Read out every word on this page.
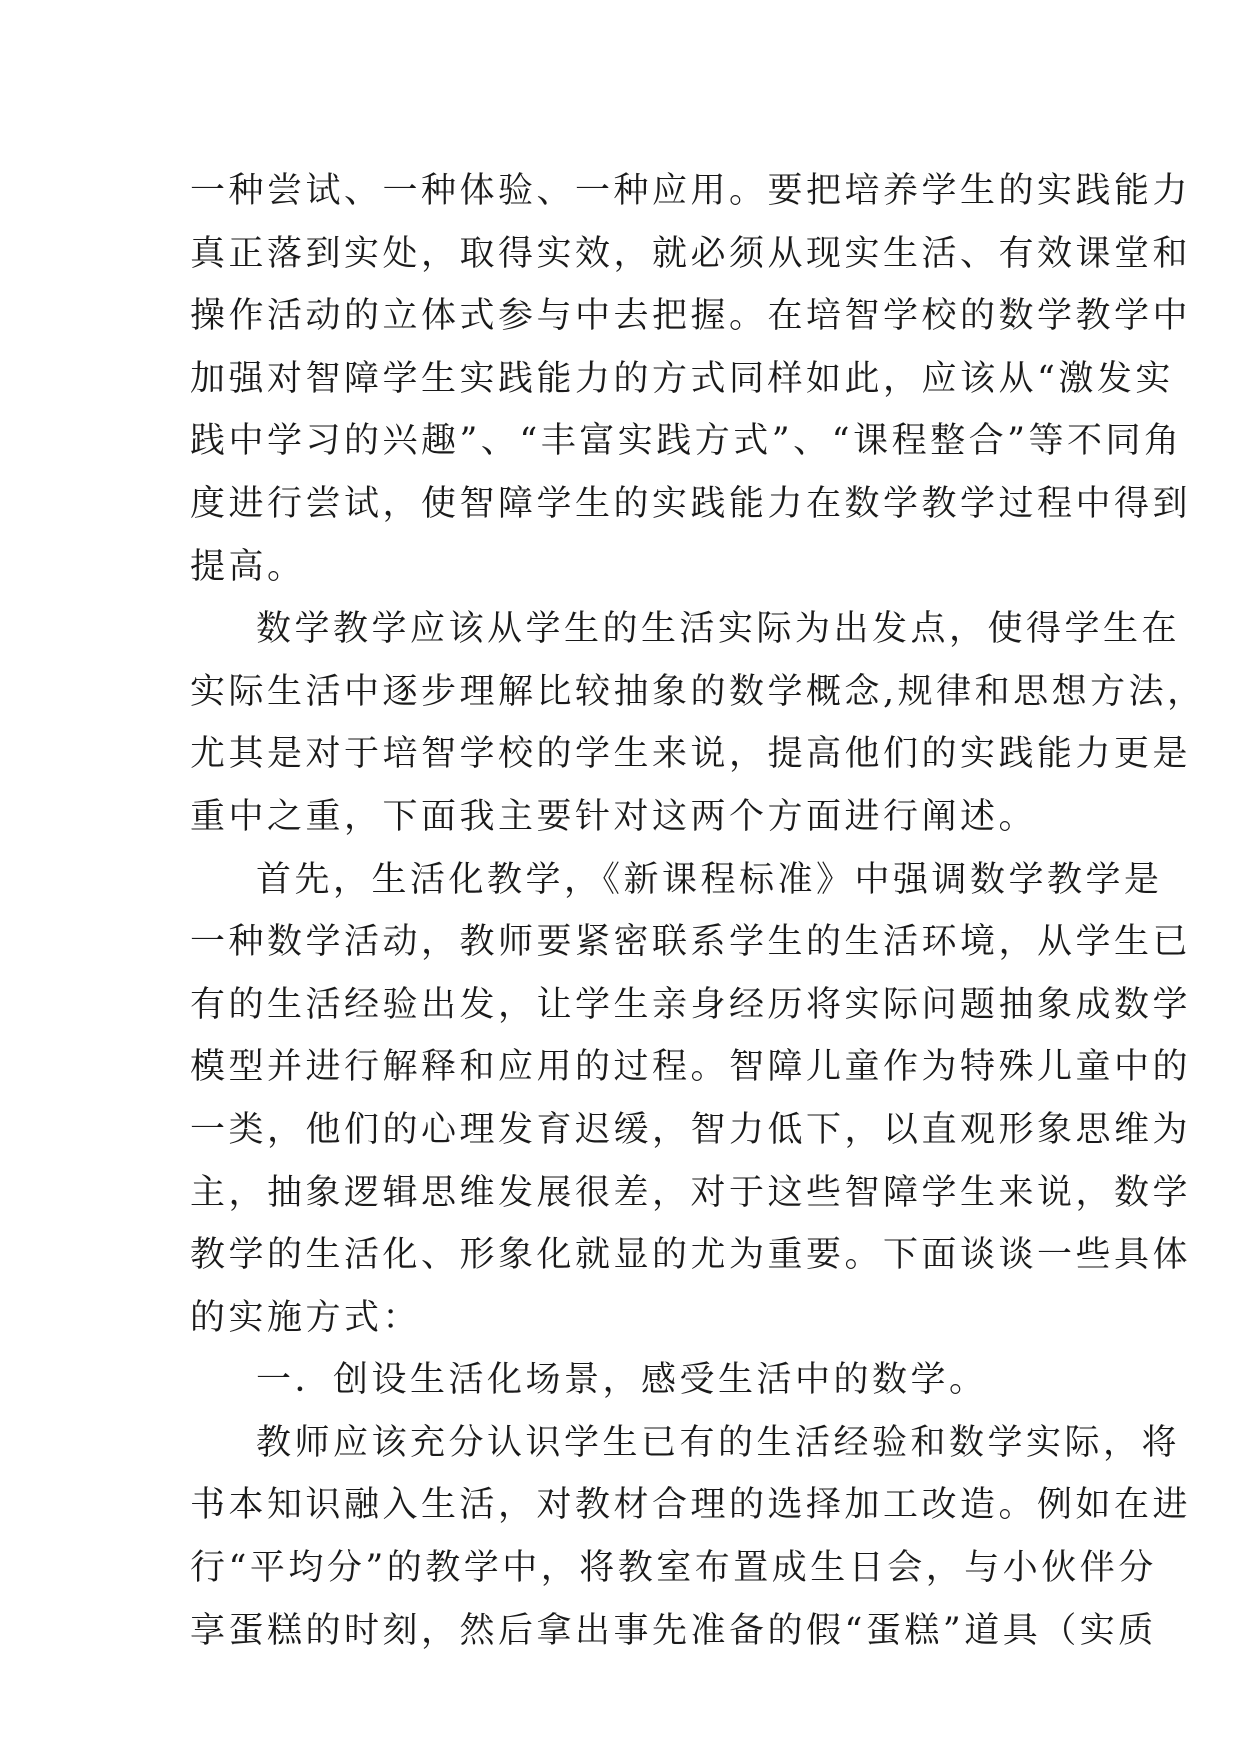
一种尝试、一种体验、一种应用。要把培养学生的实践能力
真正落到实处，取得实效，就必须从现实生活、有效课堂和
操作活动的立体式参与中去把握。在培智学校的数学教学中
加强对智障学生实践能力的方式同样如此，应该从“激发实
践中学习的兴趣”、“丰富实践方式”、“课程整合”等不同角
度进行尝试，使智障学生的实践能力在数学教学过程中得到
提高。
数学教学应该从学生的生活实际为出发点，使得学生在
实际生活中逐步理解比较抽象的数学概念,规律和思想方法，
尤其是对于培智学校的学生来说，提高他们的实践能力更是
重中之重，下面我主要针对这两个方面进行阐述。
首先，生活化教学，《新课程标准》中强调数学教学是
一种数学活动，教师要紧密联系学生的生活环境，从学生已
有的生活经验出发，让学生亲身经历将实际问题抽象成数学
模型并进行解释和应用的过程。智障儿童作为特殊儿童中的
一类，他们的心理发育迟缓，智力低下，以直观形象思维为
主，抽象逻辑思维发展很差，对于这些智障学生来说，数学
教学的生活化、形象化就显的尤为重要。下面谈谈一些具体
的实施方式：
一．创设生活化场景，感受生活中的数学。
教师应该充分认识学生已有的生活经验和数学实际，将
书本知识融入生活，对教材合理的选择加工改造。例如在进
行“平均分”的教学中，将教室布置成生日会，与小伙伴分
享蛋糕的时刻，然后拿出事先准备的假“蛋糕”道具（实质
